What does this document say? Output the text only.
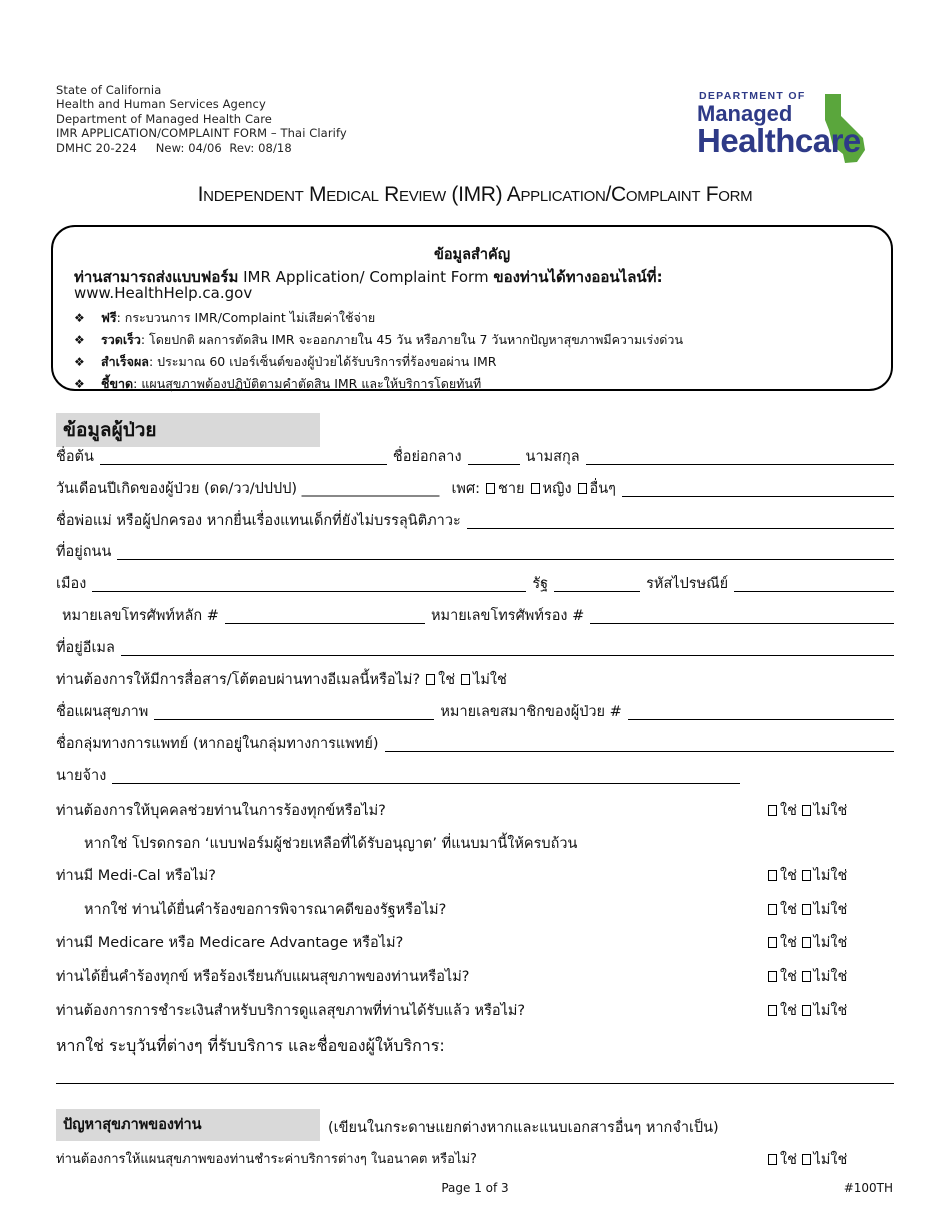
State of California
Health and Human Services Agency
Department of Managed Health Care
IMR APPLICATION/COMPLAINT FORM – Thai Clarify
DMHC 20-224     New: 04/06  Rev: 08/18
DEPARTMENT OF
Managed
Healthcare
Independent Medical Review (IMR) Application/Complaint Form
ข้อมูลสำคัญ
ท่านสามารถส่งแบบฟอร์ม IMR Application/ Complaint Form ของท่านได้ทางออนไลน์ที่:
www.HealthHelp.ca.gov
❖ ฟรี: กระบวนการ IMR/Complaint ไม่เสียค่าใช้จ่าย
❖ รวดเร็ว: โดยปกติ ผลการตัดสิน IMR จะออกภายใน 45 วัน หรือภายใน 7 วันหากปัญหาสุขภาพมีความเร่งด่วน
❖ สำเร็จผล: ประมาณ 60 เปอร์เซ็นต์ของผู้ป่วยได้รับบริการที่ร้องขอผ่าน IMR
❖ ชี้ขาด: แผนสุขภาพต้องปฏิบัติตามคำตัดสิน IMR และให้บริการโดยทันที
ข้อมูลผู้ป่วย
ชื่อต้น	ชื่อย่อกลาง	นามสกุล
วันเดือนปีเกิดของผู้ป่วย (ดด/วว/ปปปป) ___________________ เพศ:	ชาย	หญิง	อื่นๆ
ชื่อพ่อแม่ หรือผู้ปกครอง หากยื่นเรื่องแทนเด็กที่ยังไม่บรรลุนิติภาวะ
ที่อยู่ถนน
เมือง	รัฐ	รหัสไปรษณีย์
หมายเลขโทรศัพท์หลัก #	หมายเลขโทรศัพท์รอง #
ที่อยู่อีเมล
ท่านต้องการให้มีการสื่อสาร/โต้ตอบผ่านทางอีเมลนี้หรือไม่?	ใช่	ไม่ใช่
ชื่อแผนสุขภาพ	หมายเลขสมาชิกของผู้ป่วย #
ชื่อกลุ่มทางการแพทย์ (หากอยู่ในกลุ่มทางการแพทย์)
นายจ้าง
ท่านต้องการให้บุคคลช่วยท่านในการร้องทุกข์หรือไม่?	ใช่ ไม่ใช่
หากใช่ โปรดกรอก ‘แบบฟอร์มผู้ช่วยเหลือที่ได้รับอนุญาต’ ที่แนบมานี้ให้ครบถ้วน
ท่านมี Medi-Cal หรือไม่?	ใช่ ไม่ใช่
หากใช่ ท่านได้ยื่นคำร้องขอการพิจารณาคดีของรัฐหรือไม่?	ใช่ ไม่ใช่
ท่านมี Medicare หรือ Medicare Advantage หรือไม่?	ใช่ ไม่ใช่
ท่านได้ยื่นคำร้องทุกข์ หรือร้องเรียนกับแผนสุขภาพของท่านหรือไม่?	ใช่ ไม่ใช่
ท่านต้องการการชำระเงินสำหรับบริการดูแลสุขภาพที่ท่านได้รับแล้ว หรือไม่?	ใช่ ไม่ใช่
หากใช่ ระบุวันที่ต่างๆ ที่รับบริการ และชื่อของผู้ให้บริการ:
ปัญหาสุขภาพของท่าน	(เขียนในกระดาษแยกต่างหากและแนบเอกสารอื่นๆ หากจำเป็น)
ท่านต้องการให้แผนสุขภาพของท่านชำระค่าบริการต่างๆ ในอนาคต หรือไม่?	ใช่ ไม่ใช่
Page 1 of 3	#100TH
